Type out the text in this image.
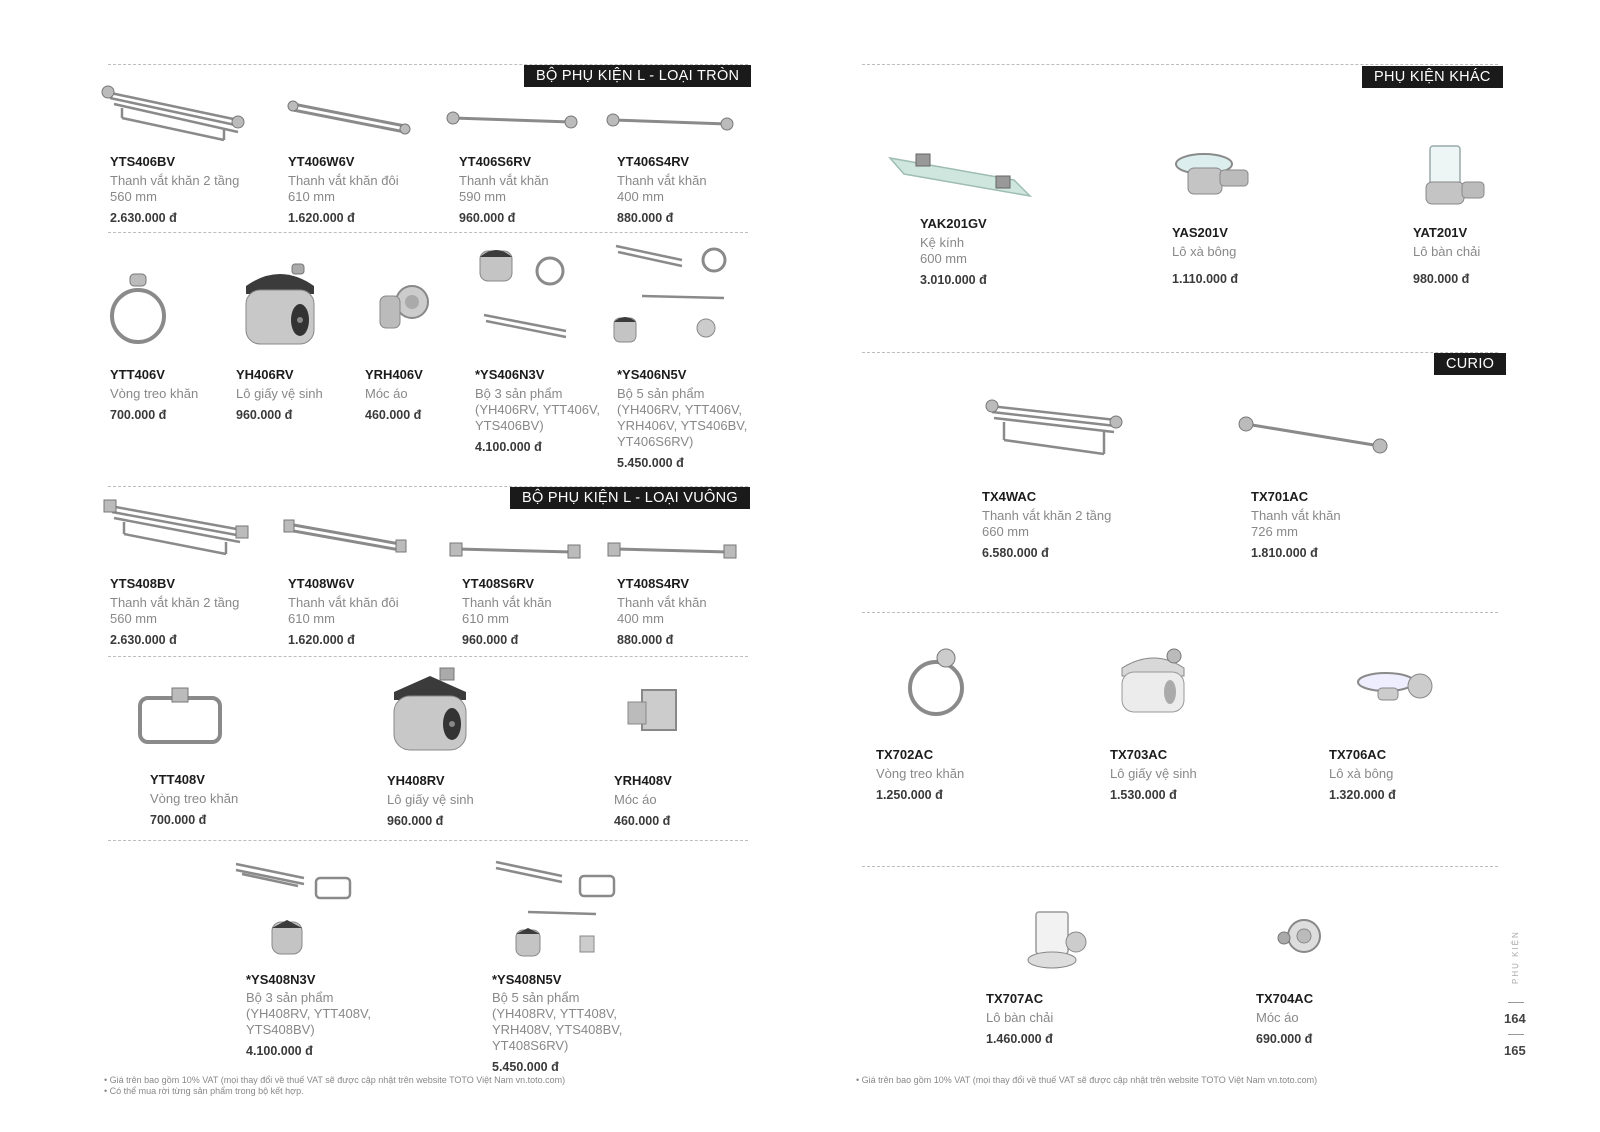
BỘ PHỤ KIỆN L - LOẠI TRÒN
YTS406BV
Thanh vắt khăn 2 tầng
560 mm
2.630.000 đ
YT406W6V
Thanh vắt khăn đôi
610 mm
1.620.000 đ
YT406S6RV
Thanh vắt khăn
590 mm
960.000 đ
YT406S4RV
Thanh vắt khăn
400 mm
880.000 đ
YTT406V
Vòng treo khăn
700.000 đ
YH406RV
Lô giấy vệ sinh
960.000 đ
YRH406V
Móc áo
460.000 đ
*YS406N3V
Bộ 3 sản phẩm
(YH406RV, YTT406V,
YTS406BV)
4.100.000 đ
*YS406N5V
Bộ 5 sản phẩm
(YH406RV, YTT406V,
YRH406V, YTS406BV,
YT406S6RV)
5.450.000 đ
BỘ PHỤ KIỆN L - LOẠI VUÔNG
YTS408BV
Thanh vắt khăn 2 tầng
560 mm
2.630.000 đ
YT408W6V
Thanh vắt khăn đôi
610 mm
1.620.000 đ
YT408S6RV
Thanh vắt khăn
610 mm
960.000 đ
YT408S4RV
Thanh vắt khăn
400 mm
880.000 đ
YTT408V
Vòng treo khăn
700.000 đ
YH408RV
Lô giấy vệ sinh
960.000 đ
YRH408V
Móc áo
460.000 đ
*YS408N3V
Bộ 3 sản phẩm
(YH408RV, YTT408V,
YTS408BV)
4.100.000 đ
*YS408N5V
Bộ 5 sản phẩm
(YH408RV, YTT408V,
YRH408V, YTS408BV,
YT408S6RV)
5.450.000 đ
• Giá trên bao gồm 10% VAT (mọi thay đổi về thuế VAT sẽ được cập nhật trên website TOTO Việt Nam vn.toto.com)
• Có thể mua rời từng sản phẩm trong bộ kết hợp.
PHỤ KIỆN KHÁC
YAK201GV
Kệ kính
600 mm
3.010.000 đ
YAS201V
Lô xà bông
1.110.000 đ
YAT201V
Lô bàn chải
980.000 đ
CURIO
TX4WAC
Thanh vắt khăn 2 tầng
660 mm
6.580.000 đ
TX701AC
Thanh vắt khăn
726 mm
1.810.000 đ
TX702AC
Vòng treo khăn
1.250.000 đ
TX703AC
Lô giấy vệ sinh
1.530.000 đ
TX706AC
Lô xà bông
1.320.000 đ
TX707AC
Lô bàn chải
1.460.000 đ
TX704AC
Móc áo
690.000 đ
• Giá trên bao gồm 10% VAT (mọi thay đổi về thuế VAT sẽ được cập nhật trên website TOTO Việt Nam vn.toto.com)
PHỤ KIỆN
164
165
